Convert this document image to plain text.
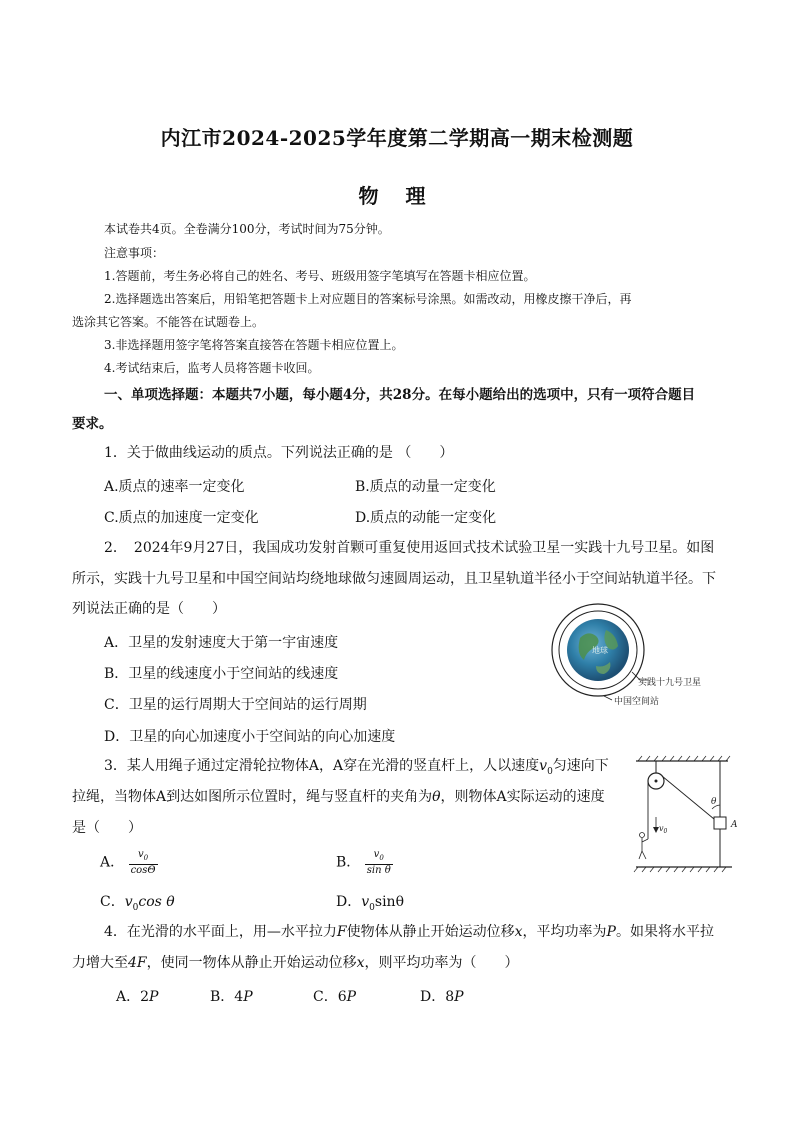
内江市2024-2025学年度第二学期高一期末检测题
物 理
本试卷共4页。全卷满分100分，考试时间为75分钟。
注意事项：
1.答题前，考生务必将自己的姓名、考号、班级用签字笔填写在答题卡相应位置。
2.选择题选出答案后，用铅笔把答题卡上对应题目的答案标号涂黑。如需改动，用橡皮擦干净后，再
选涂其它答案。不能答在试题卷上。
3.非选择题用签字笔将答案直接答在答题卡相应位置上。
4.考试结束后，监考人员将答题卡收回。
一、单项选择题：本题共7小题，每小题4分，共28分。在每小题给出的选项中，只有一项符合题目
要求。
1．关于做曲线运动的质点。下列说法正确的是 （　　）
A.质点的速率一定变化	B.质点的动量一定变化
C.质点的加速度一定变化	D.质点的动能一定变化
2．　2024年9月27日，我国成功发射首颗可重复使用返回式技术试验卫星一实践十九号卫星。如图
所示，实践十九号卫星和中国空间站均绕地球做匀速圆周运动，且卫星轨道半径小于空间站轨道半径。下
列说法正确的是（　　）
A．卫星的发射速度大于第一宇宙速度
B．卫星的线速度小于空间站的线速度
C．卫星的运行周期大于空间站的运行周期
D．卫星的向心加速度小于空间站的向心加速度
地球
实践十九号卫星
中国空间站
3．某人用绳子通过定滑轮拉物体A，A穿在光滑的竖直杆上，人以速度$v_0$匀速向下
拉绳，当物体A到达如图所示位置时，绳与竖直杆的夹角为θ，则物体A实际运动的速度
是（　　）
A． $\frac{v_0}{\cos\Theta}$	B． $\frac{v_0}{\text{sin θ}}$
C．$v_0\cos$ θ	D．$v_0\sin\theta$
θ
A
$v_0$
4．在光滑的水平面上，用—水平拉力F使物体从静止开始运动位移x，平均功率为P。如果将水平拉
力增大至4F，使同一物体从静止开始运动位移x，则平均功率为（　　）
A．2P	B．4P	C．6P	D．8P
